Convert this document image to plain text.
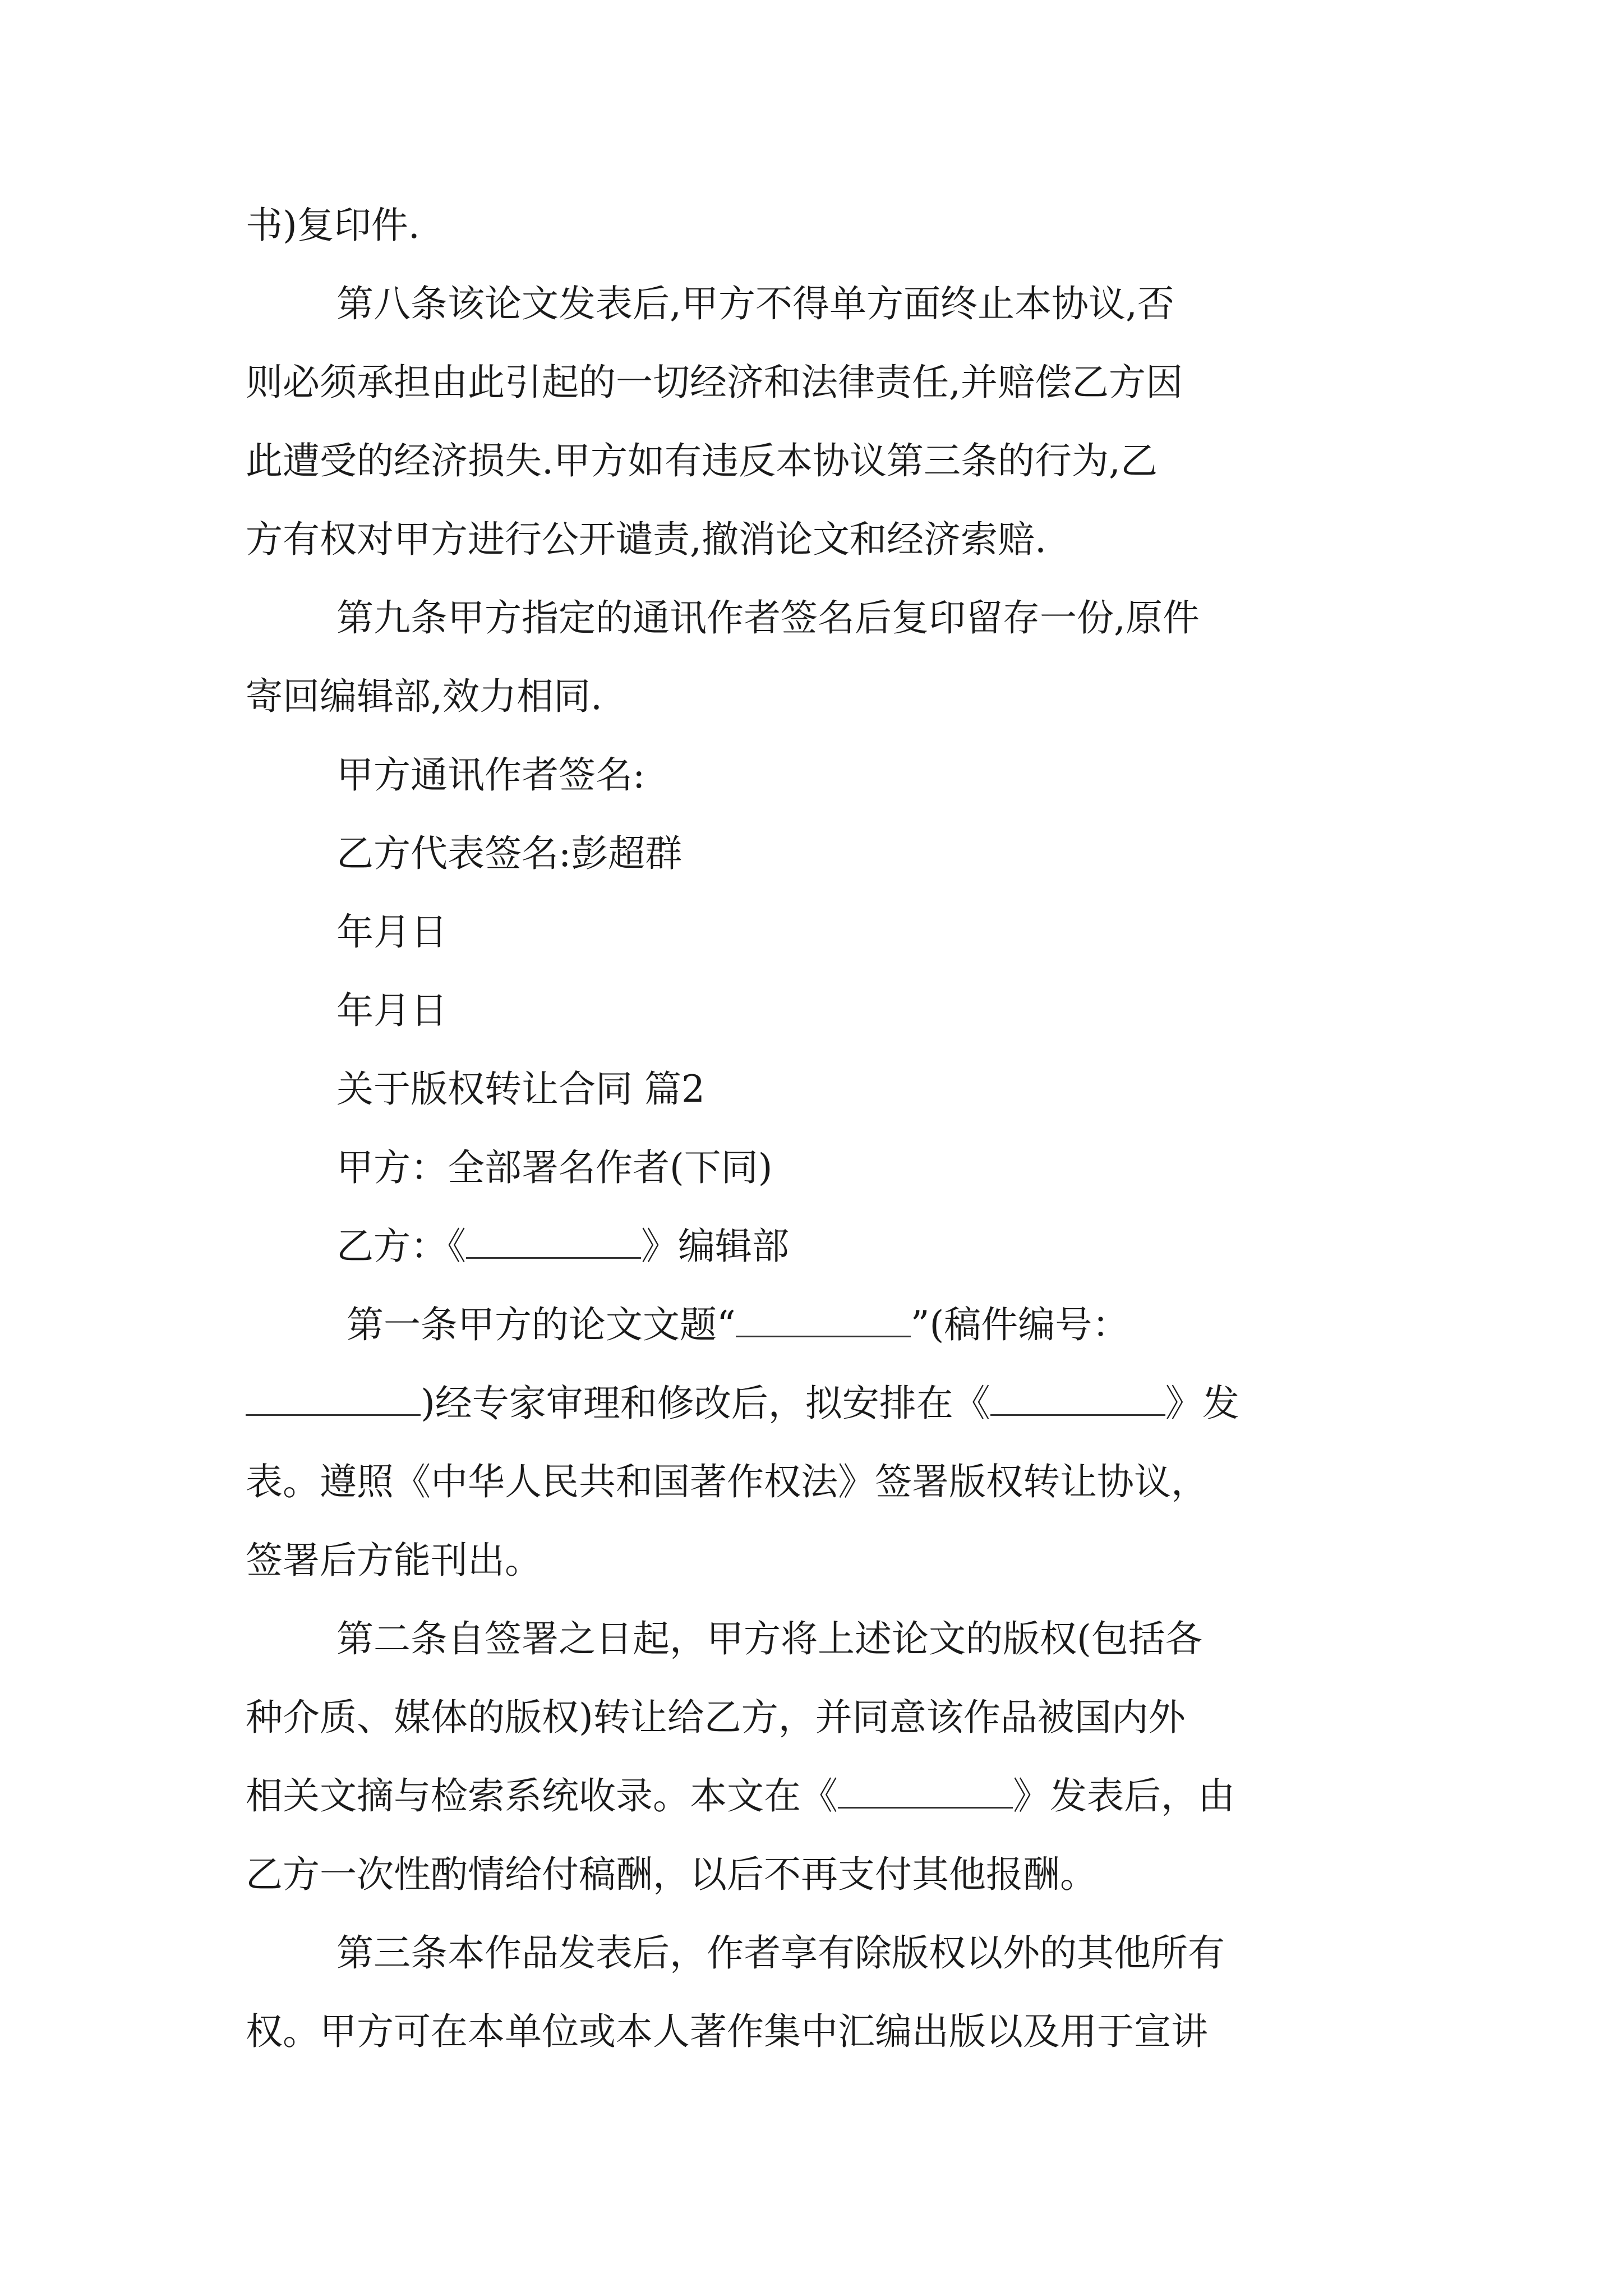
书)复印件.
第八条该论文发表后,甲方不得单方面终止本协议,否
则必须承担由此引起的一切经济和法律责任,并赔偿乙方因
此遭受的经济损失.甲方如有违反本协议第三条的行为,乙
方有权对甲方进行公开谴责,撤消论文和经济索赔.
第九条甲方指定的通讯作者签名后复印留存一份,原件
寄回编辑部,效力相同.
甲方通讯作者签名:
乙方代表签名:彭超群
年月日
年月日
关于版权转让合同 篇2
甲方：全部署名作者(下同)
乙方：《	》编辑部
第一条甲方的论文文题“	”(稿件编号：
)经专家审理和修改后，拟安排在《	》发
表。遵照《中华人民共和国著作权法》签署版权转让协议，
签署后方能刊出。
第二条自签署之日起，甲方将上述论文的版权(包括各
种介质、媒体的版权)转让给乙方，并同意该作品被国内外
相关文摘与检索系统收录。本文在《	》发表后，由
乙方一次性酌情给付稿酬，以后不再支付其他报酬。
第三条本作品发表后，作者享有除版权以外的其他所有
权。甲方可在本单位或本人著作集中汇编出版以及用于宣讲
